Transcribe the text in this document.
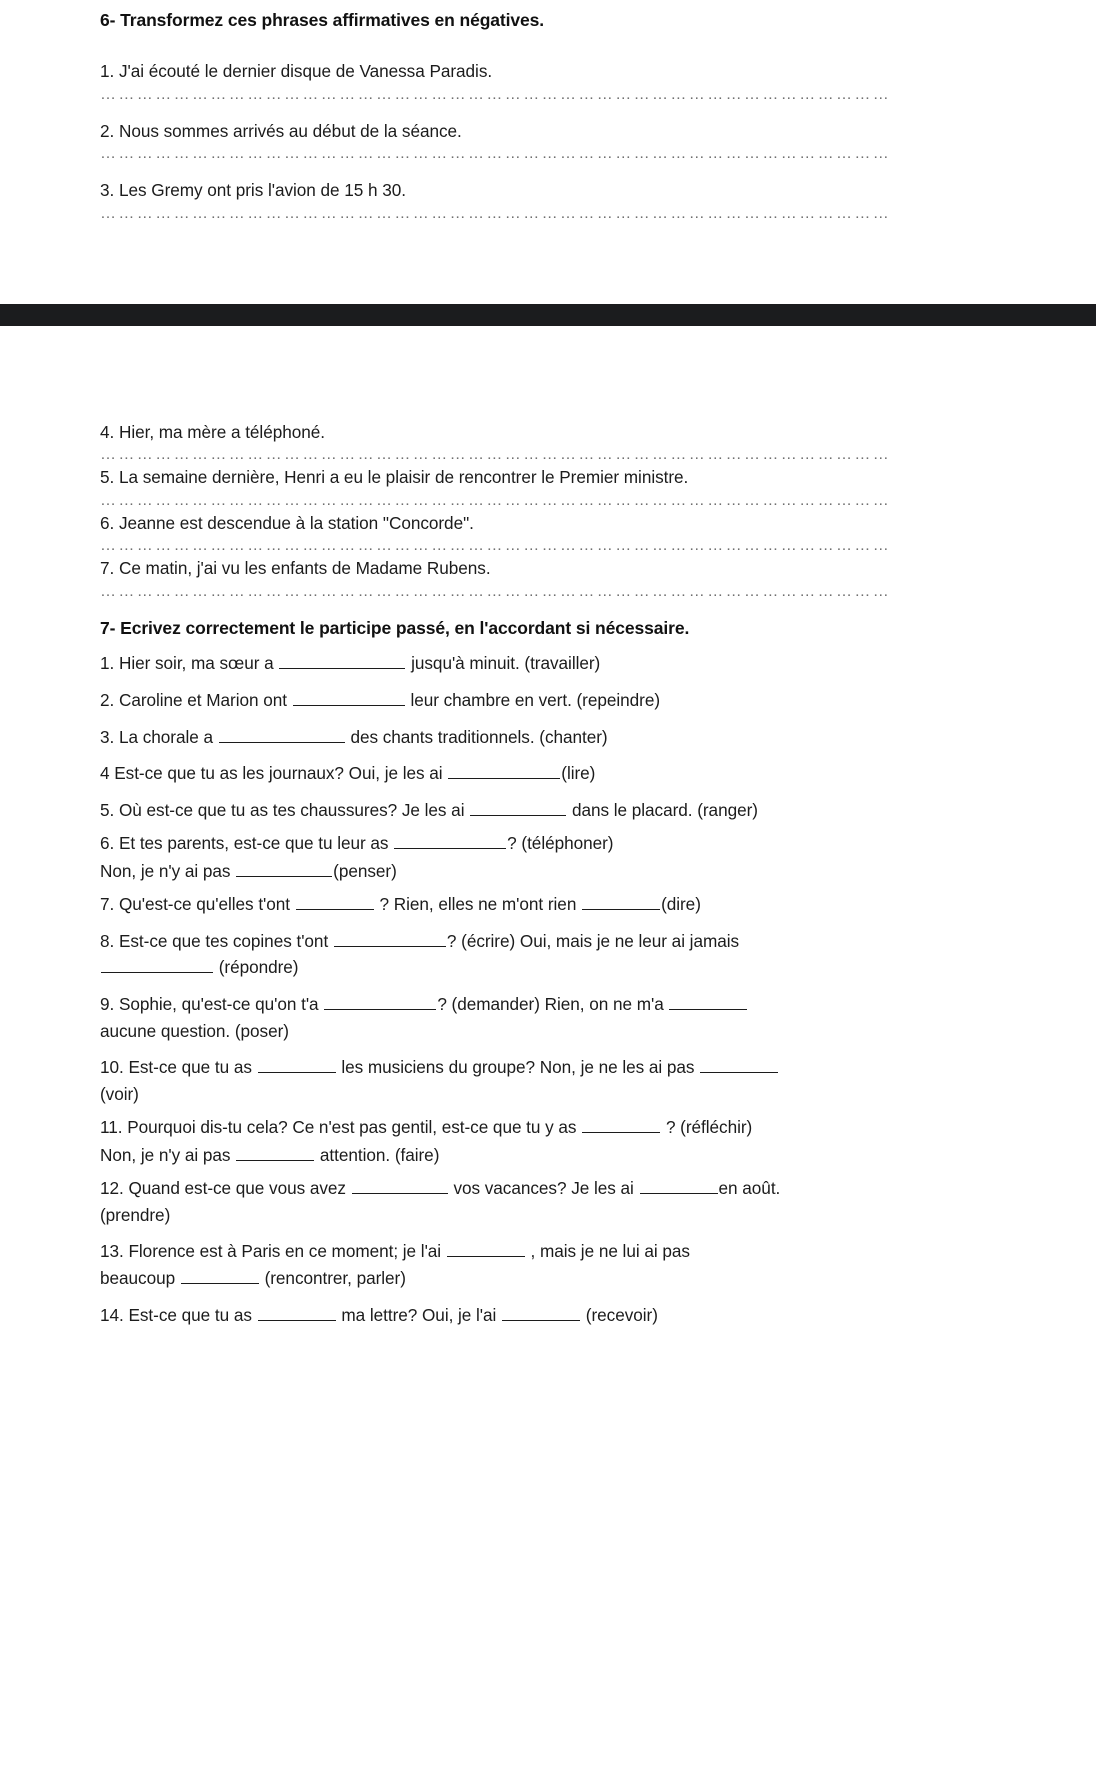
6- Transformez ces phrases affirmatives en négatives.

1. J'ai écouté le dernier disque de Vanessa Paradis.

…………………………………………………………………………………………………………………

2. Nous sommes arrivés au début de la séance.

…………………………………………………………………………………………………………………

3. Les Gremy ont pris l'avion de 15 h 30.

…………………………………………………………………………………………………………………

4. Hier, ma mère a téléphoné.

…………………………………………………………………………………………………………………

5. La semaine dernière, Henri a eu le plaisir de rencontrer le Premier ministre.

…………………………………………………………………………………………………………………

6. Jeanne est descendue à la station "Concorde".

…………………………………………………………………………………………………………………

7. Ce matin, j'ai vu les enfants de Madame Rubens.

…………………………………………………………………………………………………………………

7- Ecrivez correctement le participe passé, en l'accordant si nécessaire.

1. Hier soir, ma sœur a	jusqu'à minuit. (travailler)

2. Caroline et Marion ont	leur chambre en vert. (repeindre)

3. La chorale a	des chants traditionnels. (chanter)

4 Est-ce que tu as les journaux? Oui, je les ai	(lire)

5. Où est-ce que tu as tes chaussures? Je les ai	dans le placard. (ranger)

6. Et tes parents, est-ce que tu leur as	? (téléphoner)

Non, je n'y ai pas	(penser)

7. Qu'est-ce qu'elles t'ont	? Rien, elles ne m'ont rien	(dire)

8. Est-ce que tes copines t'ont	? (écrire) Oui, mais je ne leur ai jamais
(répondre)

9. Sophie, qu'est-ce qu'on t'a	? (demander) Rien, on ne m'a
aucune question. (poser)

10. Est-ce que tu as	les musiciens du groupe? Non, je ne les ai pas
(voir)

11. Pourquoi dis-tu cela? Ce n'est pas gentil, est-ce que tu y as	? (réfléchir)

Non, je n'y ai pas	attention. (faire)

12. Quand est-ce que vous avez	vos vacances? Je les ai	en août.
(prendre)

13. Florence est à Paris en ce moment; je l'ai	, mais je ne lui ai pas
beaucoup	(rencontrer, parler)

14. Est-ce que tu as	ma lettre? Oui, je l'ai	(recevoir)
